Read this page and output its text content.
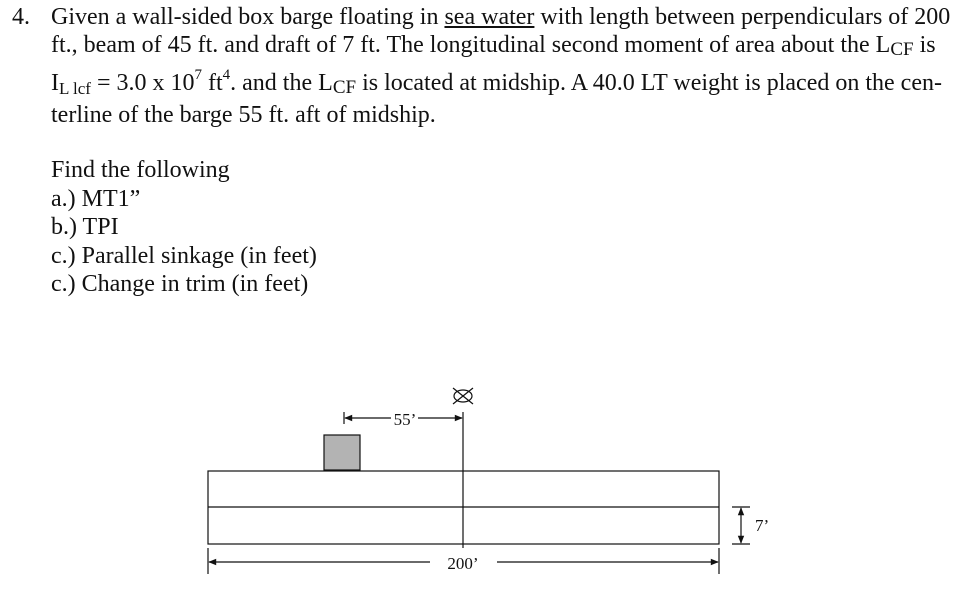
4. Given a wall-sided box barge floating in sea water with length between perpendiculars of 200
ft., beam of 45 ft. and draft of 7 ft. The longitudinal second moment of area about the LCF is
IL lcf = 3.0 x $10^7$ $ft^4$. and the LCF is located at midship. A 40.0 LT weight is placed on the cen-
terline of the barge 55 ft. aft of midship.
Find the following
a.) MT1”
b.) TPI
c.) Parallel sinkage (in feet)
c.) Change in trim (in feet)
55’
200’
7’
